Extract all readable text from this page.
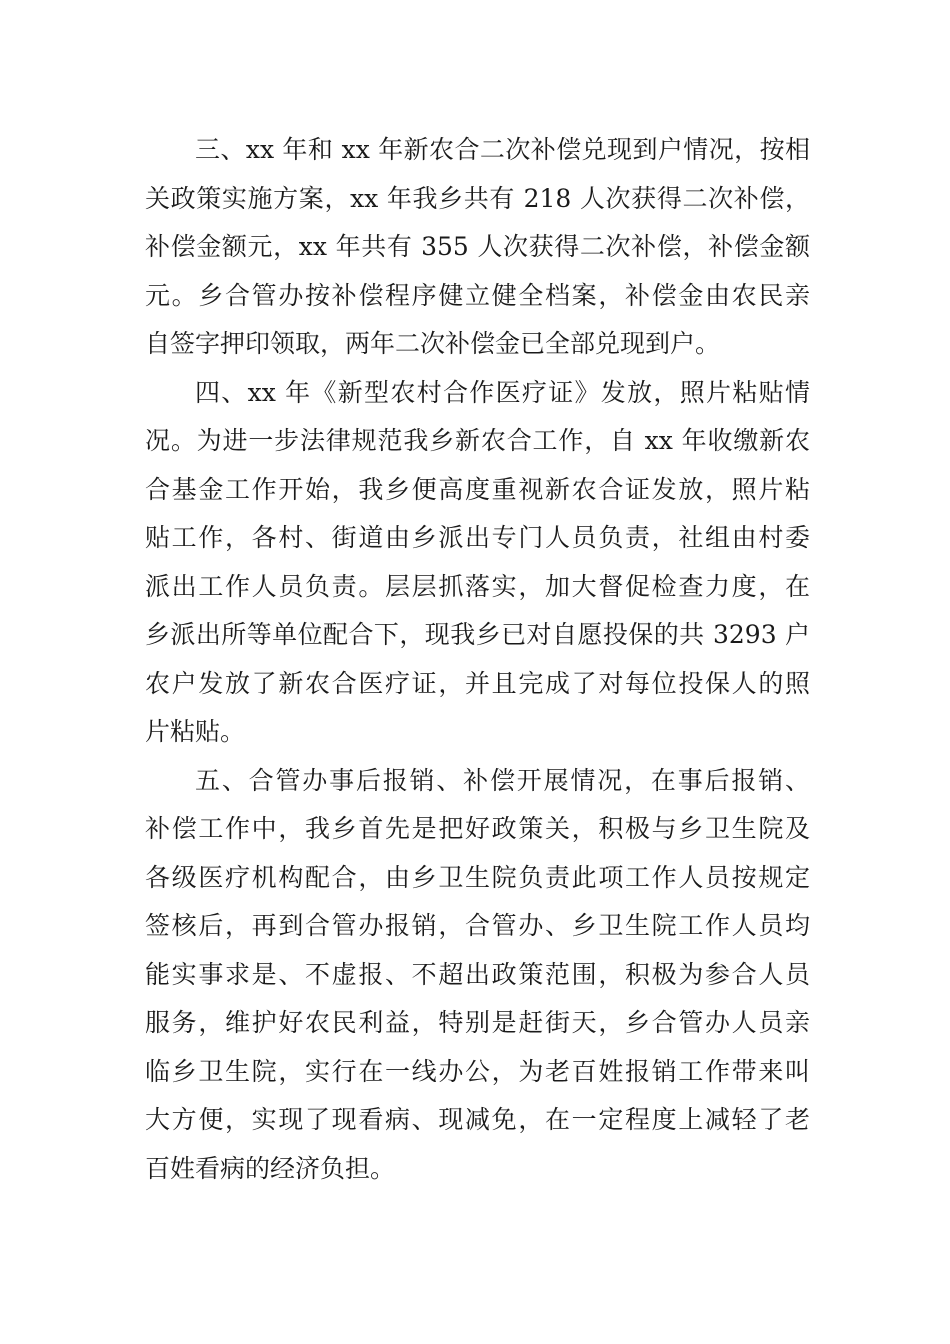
三、xx 年和 xx 年新农合二次补偿兑现到户情况，按相
关政策实施方案，xx 年我乡共有 218 人次获得二次补偿，
补偿金额元，xx 年共有 355 人次获得二次补偿，补偿金额
元。乡合管办按补偿程序健立健全档案，补偿金由农民亲
自签字押印领取，两年二次补偿金已全部兑现到户。
四、xx 年《新型农村合作医疗证》发放，照片粘贴情
况。为进一步法律规范我乡新农合工作，自 xx 年收缴新农
合基金工作开始，我乡便高度重视新农合证发放，照片粘
贴工作，各村、街道由乡派出专门人员负责，社组由村委
派出工作人员负责。层层抓落实，加大督促检查力度，在
乡派出所等单位配合下，现我乡已对自愿投保的共 3293 户
农户发放了新农合医疗证，并且完成了对每位投保人的照
片粘贴。
五、合管办事后报销、补偿开展情况，在事后报销、
补偿工作中，我乡首先是把好政策关，积极与乡卫生院及
各级医疗机构配合，由乡卫生院负责此项工作人员按规定
签核后，再到合管办报销，合管办、乡卫生院工作人员均
能实事求是、不虚报、不超出政策范围，积极为参合人员
服务，维护好农民利益，特别是赶街天，乡合管办人员亲
临乡卫生院，实行在一线办公，为老百姓报销工作带来叫
大方便，实现了现看病、现减免，在一定程度上减轻了老
百姓看病的经济负担。
